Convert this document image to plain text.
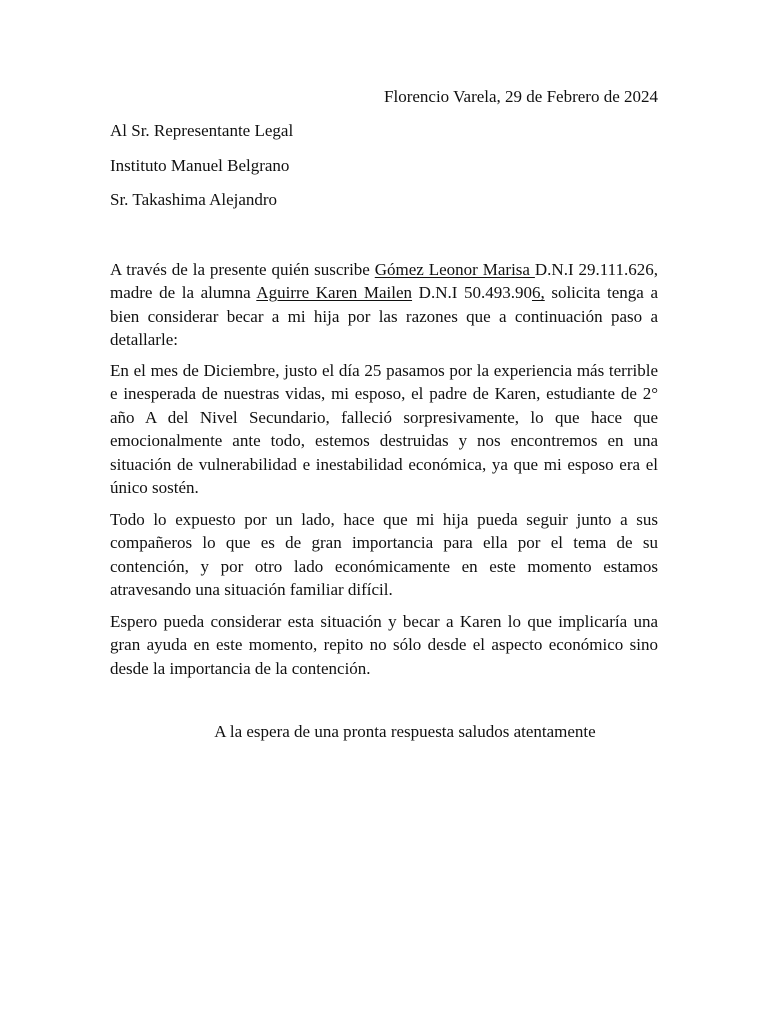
Florencio Varela, 29 de Febrero de 2024
Al Sr. Representante Legal
Instituto Manuel Belgrano
Sr. Takashima Alejandro

A través de la presente quién suscribe Gómez Leonor Marisa D.N.I 29.111.626, madre de la alumna Aguirre Karen Mailen D.N.I 50.493.906, solicita tenga a bien considerar becar a mi hija por las razones que a continuación paso a detallarle:

En el mes de Diciembre, justo el día 25 pasamos por la experiencia más terrible e inesperada de nuestras vidas, mi esposo, el padre de Karen, estudiante de 2° año A del Nivel Secundario, falleció sorpresivamente, lo que hace que emocionalmente ante todo, estemos destruidas y nos encontremos en una situación de vulnerabilidad e inestabilidad económica, ya que mi esposo era el único sostén.

Todo lo expuesto por un lado, hace que mi hija pueda seguir junto a sus compañeros lo que es de gran importancia para ella por el tema de su contención, y por otro lado económicamente en este momento estamos atravesando una situación familiar difícil.

Espero pueda considerar esta situación y becar a Karen lo que implicaría una gran ayuda en este momento, repito no sólo desde el aspecto económico sino desde la importancia de la contención.

A la espera de una pronta respuesta saludos atentamente
